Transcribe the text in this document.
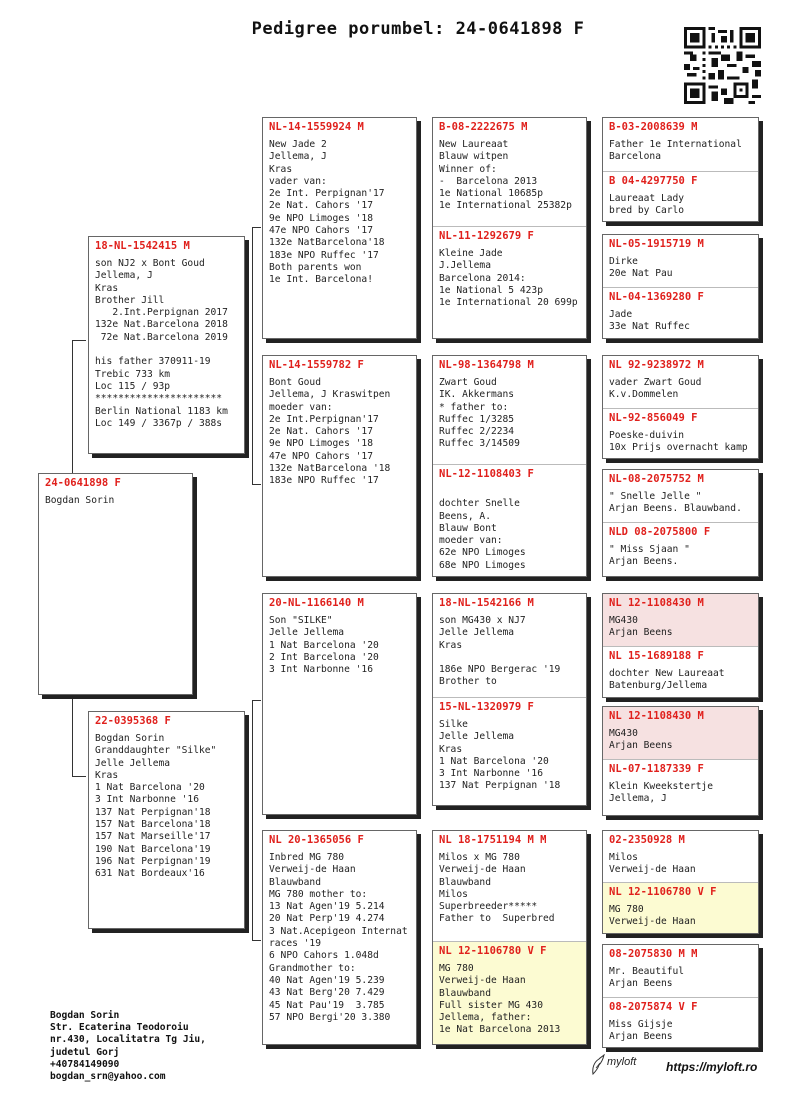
Pedigree porumbel: 24-0641898 F
24-0641898 F
Bogdan Sorin
18-NL-1542415 M
son NJ2 x Bont Goud
Jellema, J
Kras
Brother Jill
2.Int.Perpignan 2017
132e Nat.Barcelona 2018
72e Nat.Barcelona 2019

his father 370911-19
Trebic 733 km
Loc 115 / 93p
**********************
Berlin National 1183 km
Loc 149 / 3367p / 388s
22-0395368 F
Bogdan Sorin
Granddaughter "Silke"
Jelle Jellema
Kras
1 Nat Barcelona '20
3 Int Narbonne '16
137 Nat Perpignan'18
157 Nat Barcelona'18
157 Nat Marseille'17
190 Nat Barcelona'19
196 Nat Perpignan'19
631 Nat Bordeaux'16
NL-14-1559924 M
New Jade 2
Jellema, J
Kras
vader van:
2e Int. Perpignan'17
2e Nat. Cahors '17
9e NPO Limoges '18
47e NPO Cahors '17
132e NatBarcelona'18
183e NPO Ruffec '17
Both parents won
1e Int. Barcelona!
NL-14-1559782 F
Bont Goud
Jellema, J Kraswitpen
moeder van:
2e Int.Perpignan'17
2e Nat. Cahors '17
9e NPO Limoges '18
47e NPO Cahors '17
132e NatBarcelona '18
183e NPO Ruffec '17
20-NL-1166140 M
Son "SILKE"
Jelle Jellema
1 Nat Barcelona '20
2 Int Barcelona '20
3 Int Narbonne '16
NL 20-1365056 F
Inbred MG 780
Verweij-de Haan
Blauwband
MG 780 mother to:
13 Nat Agen'19 5.214
20 Nat Perp'19 4.274
3 Nat.Acepigeon Internat
races '19
6 NPO Cahors 1.048d
Grandmother to:
40 Nat Agen'19 5.239
43 Nat Berg'20 7.429
45 Nat Pau'19  3.785
57 NPO Bergi'20 3.380
B-08-2222675 M
New Laureaat
Blauw witpen
Winner of:
-  Barcelona 2013
1e National 10685p
1e International 25382p
NL-11-1292679 F
Kleine Jade
J.Jellema
Barcelona 2014:
1e National 5 423p
1e International 20 699p
NL-98-1364798 M
Zwart Goud
IK. Akkermans
* father to:
Ruffec 1/3285
Ruffec 2/2234
Ruffec 3/14509
NL-12-1108403 F

dochter Snelle
Beens, A.
Blauw Bont
moeder van:
62e NPO Limoges
68e NPO Limoges
18-NL-1542166 M
son MG430 x NJ7
Jelle Jellema
Kras

186e NPO Bergerac '19
Brother to
15-NL-1320979 F
Silke
Jelle Jellema
Kras
1 Nat Barcelona '20
3 Int Narbonne '16
137 Nat Perpignan '18
NL 18-1751194 M M
Milos x MG 780
Verweij-de Haan
Blauwband
Milos
Superbreeder*****
Father to  Superbred
NL 12-1106780 V F
MG 780
Verweij-de Haan
Blauwband
Full sister MG 430
Jellema, father:
1e Nat Barcelona 2013
B-03-2008639 M
Father 1e International
Barcelona
B 04-4297750 F
Laureaat Lady
bred by Carlo
NL-05-1915719 M
Dirke
20e Nat Pau
NL-04-1369280 F
Jade
33e Nat Ruffec
NL 92-9238972 M
vader Zwart Goud
K.v.Dommelen
NL-92-856049 F
Poeske-duivin
10x Prijs overnacht kamp
NL-08-2075752 M
" Snelle Jelle "
Arjan Beens. Blauwband.
NLD 08-2075800 F
" Miss Sjaan "
Arjan Beens.
NL 12-1108430 M
MG430
Arjan Beens
NL 15-1689188 F
dochter New Laureaat
Batenburg/Jellema
NL 12-1108430 M
MG430
Arjan Beens
NL-07-1187339 F
Klein Kweekstertje
Jellema, J
02-2350928 M
Milos
Verweij-de Haan
NL 12-1106780 V F
MG 780
Verweij-de Haan
08-2075830 M M
Mr. Beautiful
Arjan Beens
08-2075874 V F
Miss Gijsje
Arjan Beens
Bogdan Sorin
Str. Ecaterina Teodoroiu
nr.430, Localitatra Tg Jiu,
judetul Gorj
+40784149090
bogdan_srn@yahoo.com
myloft https://myloft.ro
